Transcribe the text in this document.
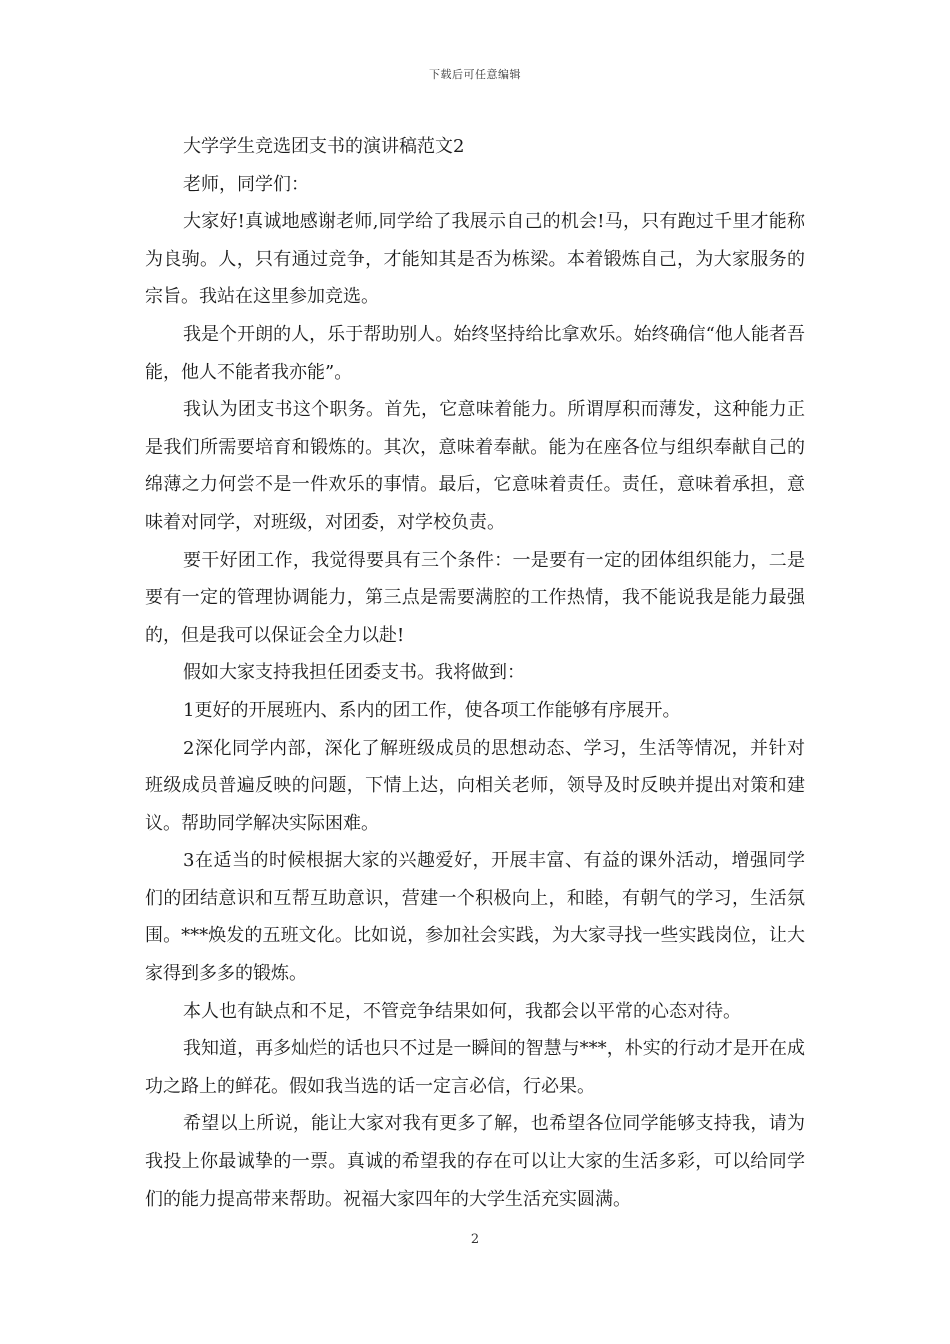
下载后可任意编辑

大学学生竞选团支书的演讲稿范文2

老师，同学们：

大家好!真诚地感谢老师,同学给了我展示自己的机会!马，只有跑过千里才能称为良驹。人，只有通过竞争，才能知其是否为栋梁。本着锻炼自己，为大家服务的宗旨。我站在这里参加竞选。

我是个开朗的人，乐于帮助别人。始终坚持给比拿欢乐。始终确信“他人能者吾能，他人不能者我亦能”。

我认为团支书这个职务。首先，它意味着能力。所谓厚积而薄发，这种能力正是我们所需要培育和锻炼的。其次，意味着奉献。能为在座各位与组织奉献自己的绵薄之力何尝不是一件欢乐的事情。最后，它意味着责任。责任，意味着承担，意味着对同学，对班级，对团委，对学校负责。

要干好团工作，我觉得要具有三个条件：一是要有一定的团体组织能力，二是要有一定的管理协调能力，第三点是需要满腔的工作热情，我不能说我是能力最强的，但是我可以保证会全力以赴!

假如大家支持我担任团委支书。我将做到：

1更好的开展班内、系内的团工作，使各项工作能够有序展开。

2深化同学内部，深化了解班级成员的思想动态、学习，生活等情况，并针对班级成员普遍反映的问题，下情上达，向相关老师，领导及时反映并提出对策和建议。帮助同学解决实际困难。

3在适当的时候根据大家的兴趣爱好，开展丰富、有益的课外活动，增强同学们的团结意识和互帮互助意识，营建一个积极向上，和睦，有朝气的学习，生活氛围。***焕发的五班文化。比如说，参加社会实践，为大家寻找一些实践岗位，让大家得到多多的锻炼。

本人也有缺点和不足，不管竞争结果如何，我都会以平常的心态对待。

我知道，再多灿烂的话也只不过是一瞬间的智慧与***，朴实的行动才是开在成功之路上的鲜花。假如我当选的话一定言必信，行必果。

希望以上所说，能让大家对我有更多了解，也希望各位同学能够支持我，请为我投上你最诚挚的一票。真诚的希望我的存在可以让大家的生活多彩，可以给同学们的能力提高带来帮助。祝福大家四年的大学生活充实圆满。

2
